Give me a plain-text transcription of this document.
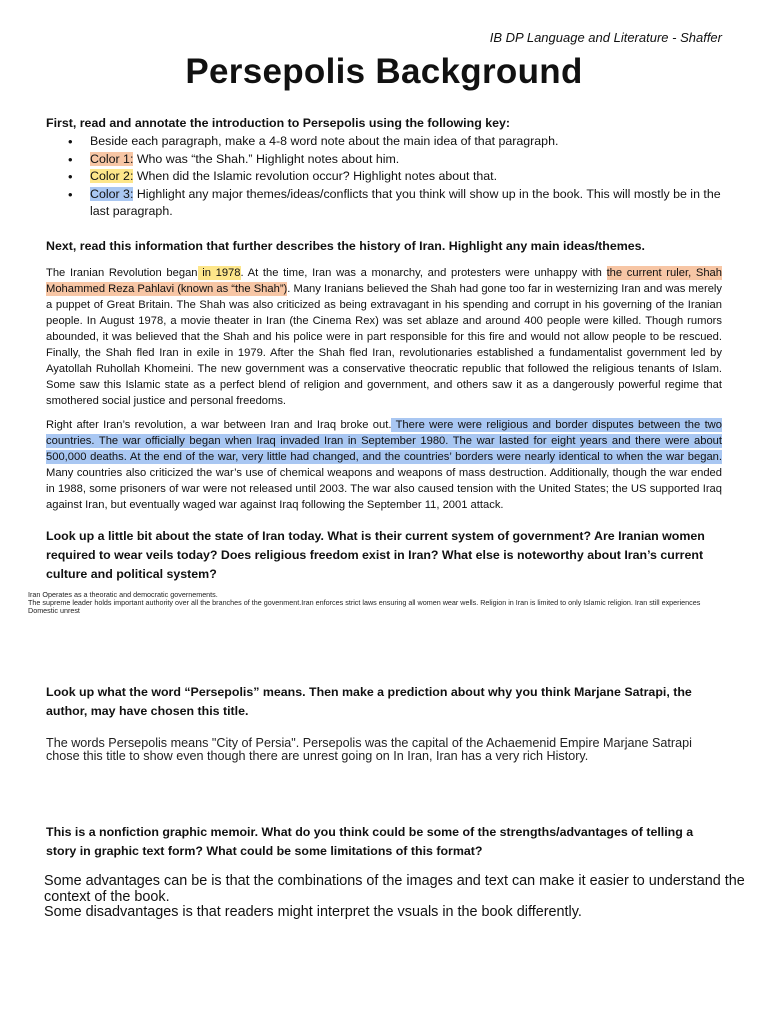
IB DP Language and Literature - Shaffer
Persepolis Background
First, read and annotate the introduction to Persepolis using the following key:
• Beside each paragraph, make a 4-8 word note about the main idea of that paragraph.
• Color 1: Who was “the Shah.” Highlight notes about him.
• Color 2: When did the Islamic revolution occur? Highlight notes about that.
• Color 3: Highlight any major themes/ideas/conflicts that you think will show up in the book. This will mostly be in the last paragraph.
Next, read this information that further describes the history of Iran. Highlight any main ideas/themes.
The Iranian Revolution began in 1978. At the time, Iran was a monarchy, and protesters were unhappy with the current ruler, Shah Mohammed Reza Pahlavi (known as “the Shah”). Many Iranians believed the Shah had gone too far in westernizing Iran and was merely a puppet of Great Britain. The Shah was also criticized as being extravagant in his spending and corrupt in his governing of the Iranian people. In August 1978, a movie theater in Iran (the Cinema Rex) was set ablaze and around 400 people were killed. Though rumors abounded, it was believed that the Shah and his police were in part responsible for this fire and would not allow people to be rescued. Finally, the Shah fled Iran in exile in 1979. After the Shah fled Iran, revolutionaries established a fundamentalist government led by Ayatollah Ruhollah Khomeini. The new government was a conservative theocratic republic that followed the religious tenants of Islam. Some saw this Islamic state as a perfect blend of religion and government, and others saw it as a dangerously powerful regime that smothered social justice and personal freedoms.
Right after Iran’s revolution, a war between Iran and Iraq broke out. There were were religious and border disputes between the two countries. The war officially began when Iraq invaded Iran in September 1980. The war lasted for eight years and there were about 500,000 deaths. At the end of the war, very little had changed, and the countries’ borders were nearly identical to when the war began. Many countries also criticized the war’s use of chemical weapons and weapons of mass destruction. Additionally, though the war ended in 1988, some prisoners of war were not released until 2003. The war also caused tension with the United States; the US supported Iraq against Iran, but eventually waged war against Iraq following the September 11, 2001 attack.
Look up a little bit about the state of Iran today. What is their current system of government? Are Iranian women required to wear veils today? Does religious freedom exist in Iran? What else is noteworthy about Iran’s current culture and political system?
Iran Operates as a theoratic and democratic governements.
The supreme leader holds important authority over all the branches of the govenment.Iran enforces strict laws ensuring all women wear wells. Religion in Iran is limited to only Islamic religion. Iran still experiences Domestic unrest
Look up what the word “Persepolis” means. Then make a prediction about why you think Marjane Satrapi, the author, may have chosen this title.
The words Persepolis means "City of Persia". Persepolis was the capital of the Achaemenid Empire Marjane Satrapi chose this title to show even though there are unrest going on In Iran, Iran has a very rich History.
This is a nonfiction graphic memoir. What do you think could be some of the strengths/advantages of telling a story in graphic text form? What could be some limitations of this format?
Some advantages can be is that the combinations of the images and text can make it easier to understand the context of the book.
Some disadvantages is that readers might interpret the vsuals in the book differently.
